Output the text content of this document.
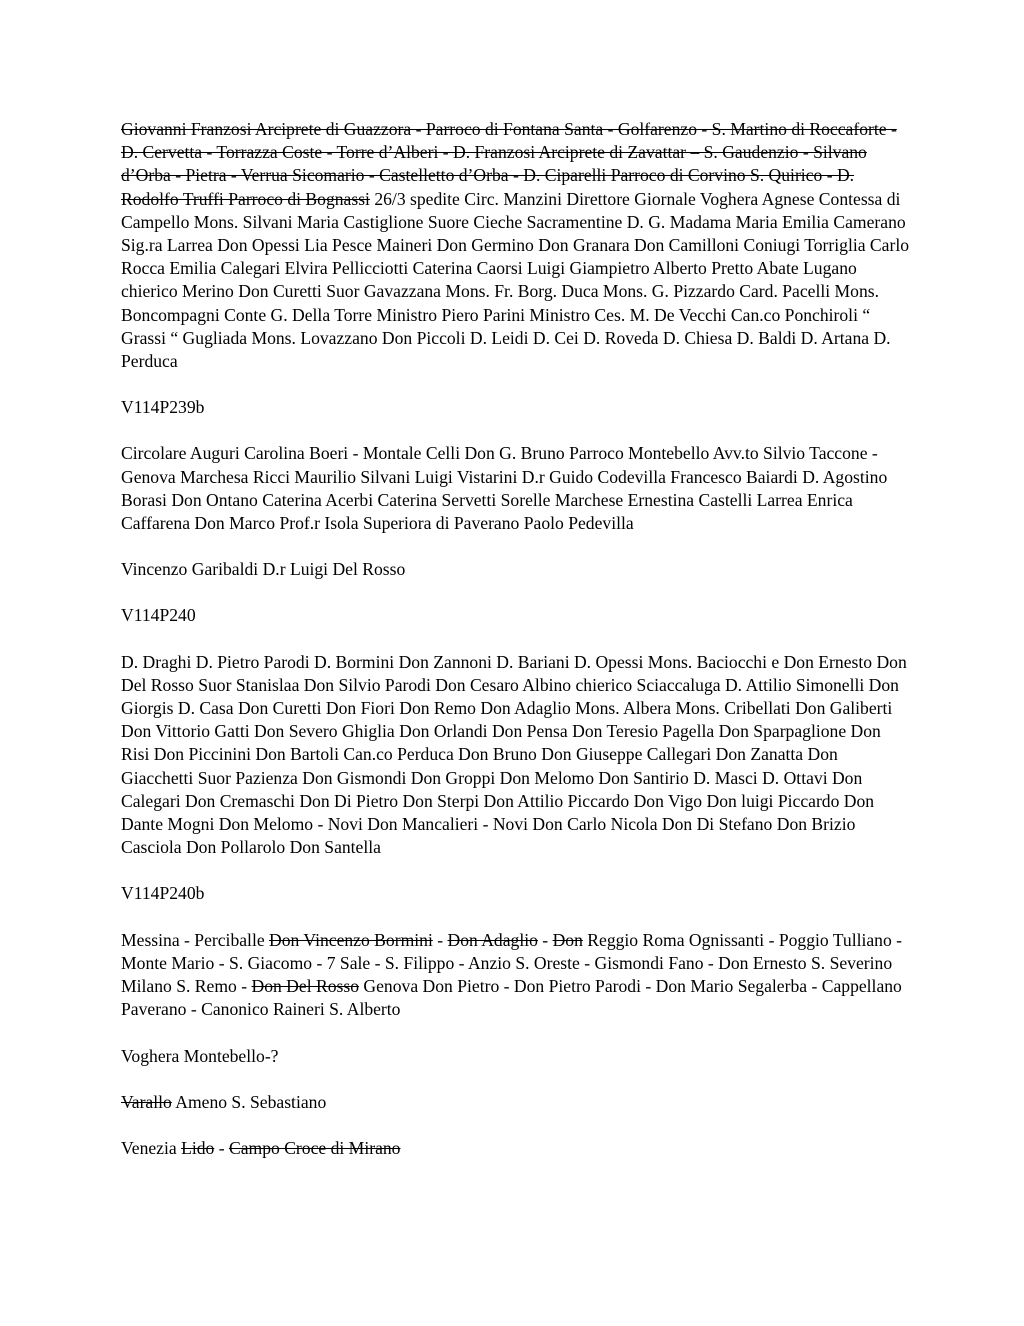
Giovanni Franzosi Arciprete di Guazzora - Parroco di Fontana Santa - Golfarenzo - S. Martino di Roccaforte - D. Cervetta - Torrazza Coste - Torre d’Alberi - D. Franzosi Arciprete di Zavattar – S. Gaudenzio - Silvano d’Orba - Pietra - Verrua Sicomario - Castelletto d’Orba - D. Ciparelli Parroco di Corvino S. Quirico - D. Rodolfo Truffi Parroco di Bognassi 26/3 spedite Circ. Manzini Direttore Giornale Voghera Agnese Contessa di Campello Mons. Silvani Maria Castiglione Suore Cieche Sacramentine D. G. Madama Maria Emilia Camerano Sig.ra Larrea Don Opessi Lia Pesce Maineri Don Germino Don Granara Don Camilloni Coniugi Torriglia Carlo Rocca Emilia Calegari Elvira Pellicciotti Caterina Caorsi Luigi Giampietro Alberto Pretto Abate Lugano chierico Merino Don Curetti Suor Gavazzana Mons. Fr. Borg. Duca Mons. G. Pizzardo Card. Pacelli Mons. Boncompagni Conte G. Della Torre Ministro Piero Parini Ministro Ces. M. De Vecchi Can.co Ponchiroli “ Grassi “ Gugliada Mons. Lovazzano Don Piccoli D. Leidi D. Cei D. Roveda D. Chiesa D. Baldi D. Artana D. Perduca

V114P239b

Circolare Auguri Carolina Boeri - Montale Celli Don G. Bruno Parroco Montebello Avv.to Silvio Taccone - Genova Marchesa Ricci Maurilio Silvani Luigi Vistarini D.r Guido Codevilla Francesco Baiardi D. Agostino Borasi Don Ontano Caterina Acerbi Caterina Servetti Sorelle Marchese Ernestina Castelli Larrea Enrica Caffarena Don Marco Prof.r Isola Superiora di Paverano Paolo Pedevilla

Vincenzo Garibaldi D.r Luigi Del Rosso

V114P240

D. Draghi D. Pietro Parodi D. Bormini Don Zannoni D. Bariani D. Opessi Mons. Baciocchi e Don Ernesto Don Del Rosso Suor Stanislaa Don Silvio Parodi Don Cesaro Albino chierico Sciaccaluga D. Attilio Simonelli Don Giorgis D. Casa Don Curetti Don Fiori Don Remo Don Adaglio Mons. Albera Mons. Cribellati Don Galiberti Don Vittorio Gatti Don Severo Ghiglia Don Orlandi Don Pensa Don Teresio Pagella Don Sparpaglione Don Risi Don Piccinini Don Bartoli Can.co Perduca Don Bruno Don Giuseppe Callegari Don Zanatta Don Giacchetti Suor Pazienza Don Gismondi Don Groppi Don Melomo Don Santirio D. Masci D. Ottavi Don Calegari Don Cremaschi Don Di Pietro Don Sterpi Don Attilio Piccardo Don Vigo Don luigi Piccardo Don Dante Mogni Don Melomo - Novi Don Mancalieri - Novi Don Carlo Nicola Don Di Stefano Don Brizio Casciola Don Pollarolo Don Santella

V114P240b

Messina - Perciballe Don Vincenzo Bormini - Don Adaglio - Don Reggio Roma Ognissanti - Poggio Tulliano - Monte Mario - S. Giacomo - 7 Sale - S. Filippo - Anzio S. Oreste - Gismondi Fano - Don Ernesto S. Severino Milano S. Remo - Don Del Rosso Genova Don Pietro - Don Pietro Parodi - Don Mario Segalerba - Cappellano Paverano - Canonico Raineri S. Alberto

Voghera Montebello-?

Varallo Ameno S. Sebastiano

Venezia Lido - Campo Croce di Mirano
